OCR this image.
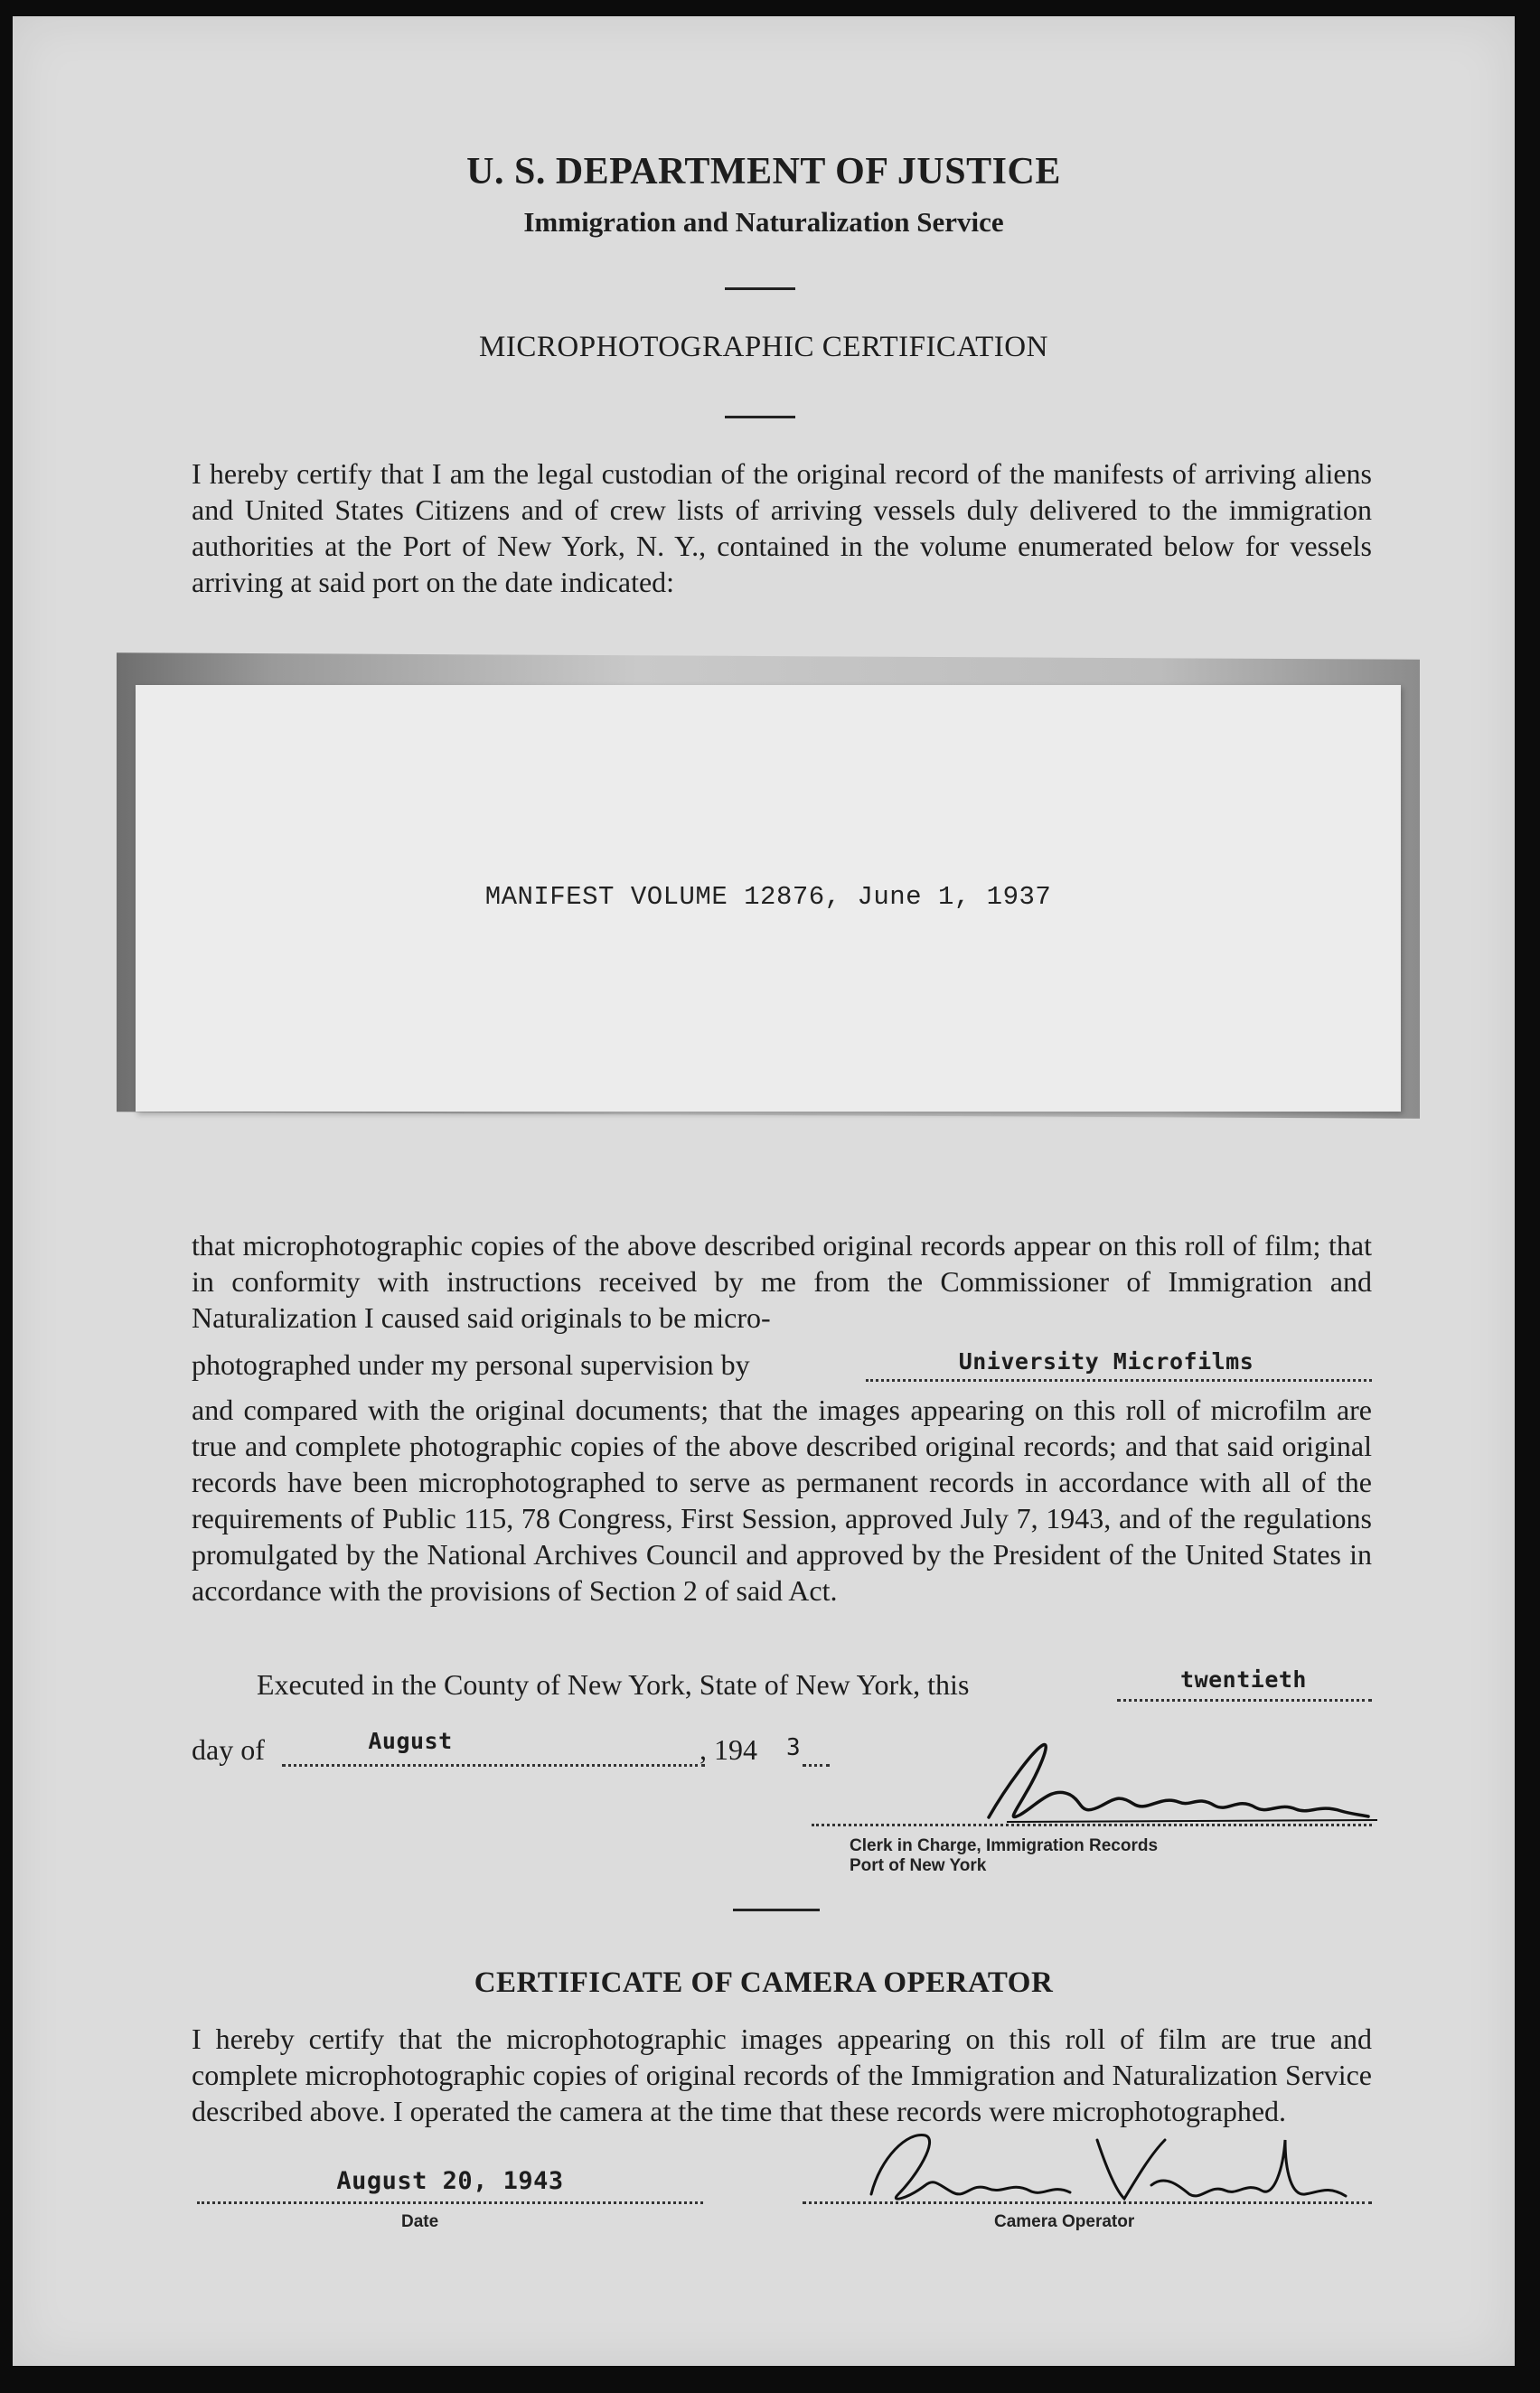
U. S. DEPARTMENT OF JUSTICE
Immigration and Naturalization Service
MICROPHOTOGRAPHIC CERTIFICATION

I hereby certify that I am the legal custodian of the original record of the manifests of arriving aliens and United States Citizens and of crew lists of arriving vessels duly delivered to the immigration authorities at the Port of New York, N. Y., contained in the volume enumerated below for vessels arriving at said port on the date indicated:

MANIFEST VOLUME 12876, June 1, 1937

that microphotographic copies of the above described original records appear on this roll of film; that in conformity with instructions received by me from the Commissioner of Immigration and Naturalization I caused said originals to be micro-

photographed under my personal supervision by	University Microfilms

and compared with the original documents; that the images appearing on this roll of microfilm are true and complete photographic copies of the above described original records; and that said original records have been microphotographed to serve as permanent records in accordance with all of the requirements of Public 115, 78 Congress, First Session, approved July 7, 1943, and of the regulations promulgated by the National Archives Council and approved by the President of the United States in accordance with the provisions of Section 2 of said Act.

Executed in the County of New York, State of New York, this	twentieth
day of	August	, 194	3
Clerk in Charge, Immigration Records
Port of New York
CERTIFICATE OF CAMERA OPERATOR

I hereby certify that the microphotographic images appearing on this roll of film are true and complete microphotographic copies of original records of the Immigration and Naturalization Service described above. I operated the camera at the time that these records were microphotographed.

August 20, 1943
Date	Camera Operator
